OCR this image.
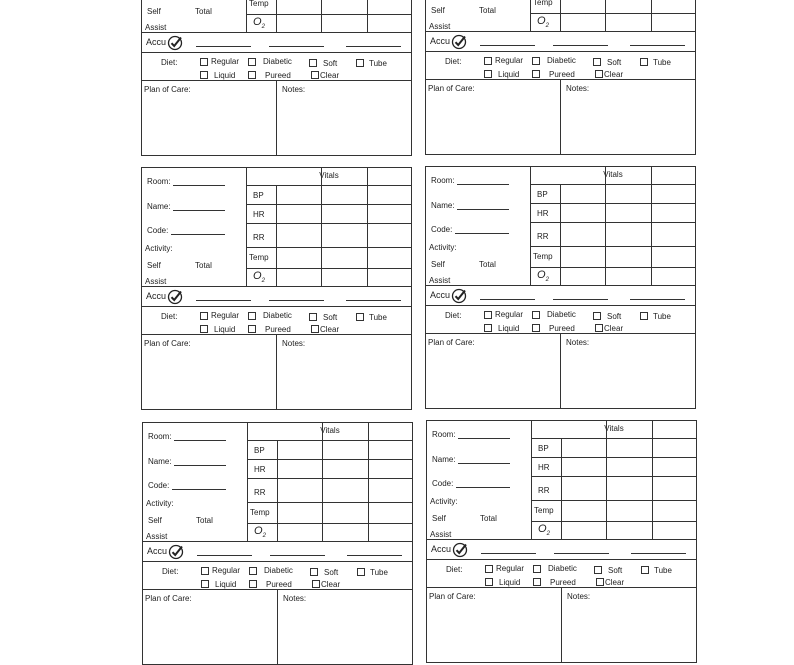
Self	Total
Assist
Temp
$O_2$
Accu
Diet:	Regular	Diabetic	Soft	Tube
Liquid	Pureed	Clear
Plan of Care:	Notes:
Self	Total
Assist
Temp
$O_2$
Accu
Diet:	Regular	Diabetic	Soft	Tube
Liquid	Pureed	Clear
Plan of Care:	Notes:
Room:
Name:
Code:
Activity:
Self	Total
Assist
Vitals
BP
HR
RR
Temp
$O_2$
Accu
Diet:	Regular	Diabetic	Soft	Tube
Liquid	Pureed	Clear
Plan of Care:	Notes:
Room:
Name:
Code:
Activity:
Self	Total
Assist
Vitals
BP
HR
RR
Temp
$O_2$
Accu
Diet:	Regular	Diabetic	Soft	Tube
Liquid	Pureed	Clear
Plan of Care:	Notes:
Room:
Name:
Code:
Activity:
Self	Total
Assist
Vitals
BP
HR
RR
Temp
$O_2$
Accu
Diet:	Regular	Diabetic	Soft	Tube
Liquid	Pureed	Clear
Plan of Care:	Notes:
Room:
Name:
Code:
Activity:
Self	Total
Assist
Vitals
BP
HR
RR
Temp
$O_2$
Accu
Diet:	Regular	Diabetic	Soft	Tube
Liquid	Pureed	Clear
Plan of Care:	Notes:
